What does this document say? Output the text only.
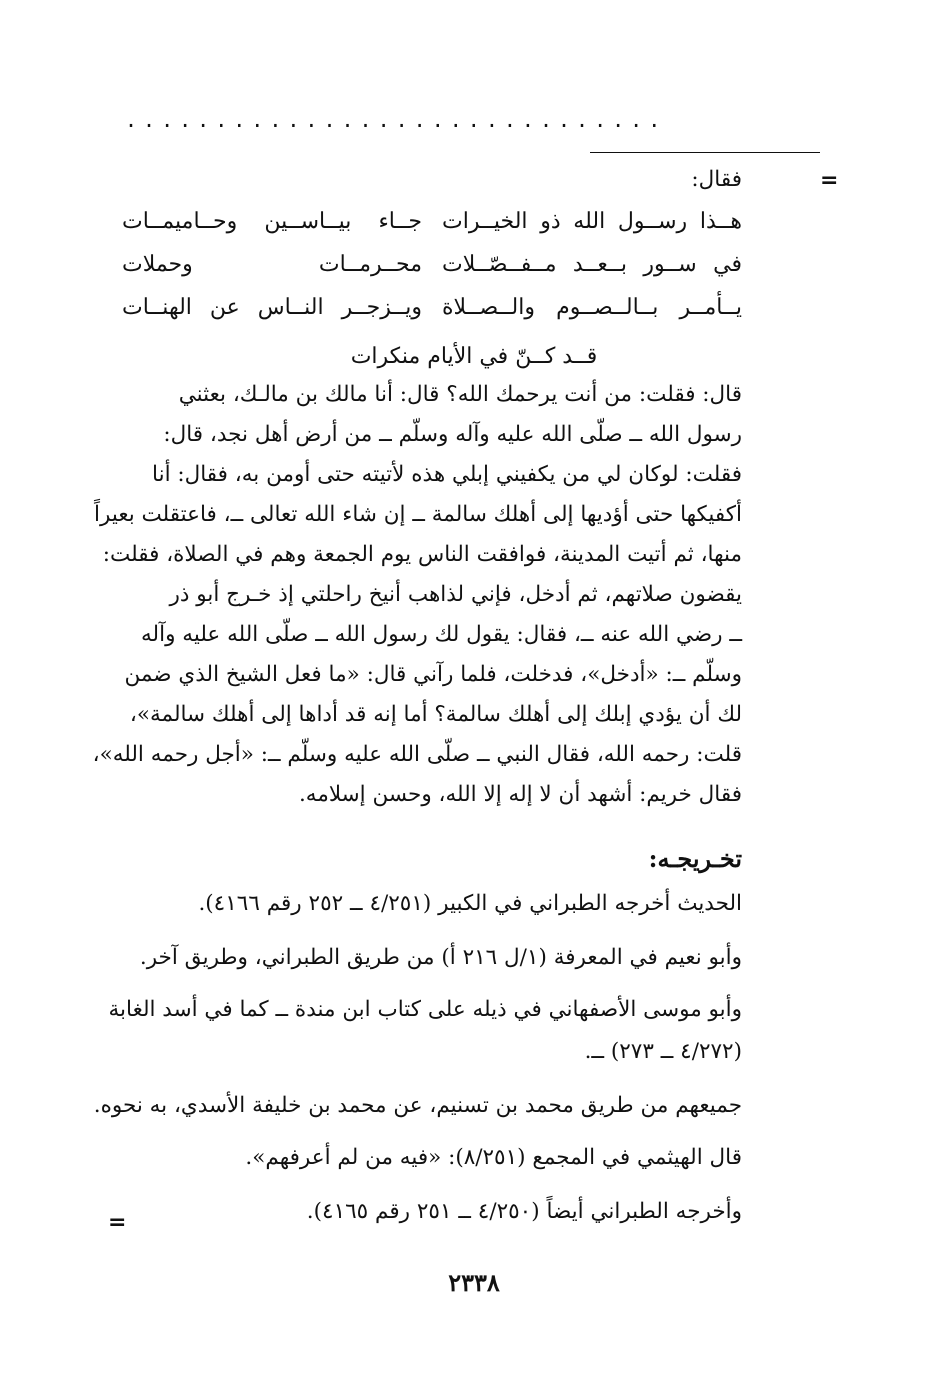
..............................
=
فقال:
هــذا رســول الله ذو الخيــرات
جــاء بيــاســين وحــاميمــات
في ســور بــعــد مــفــصّــلات
محــرمــات وحملات
يــأمــر بــالــصــوم والــصــلاة
ويــزجــر النــاس عن الهنــات
قــد كــنّ في الأيام منكرات
قال: فقلت: من أنت يرحمك الله؟ قال: أنا مالك بن مالـك، بعثني
رسول الله ــ صلّى الله عليه وآله وسلّم ــ من أرض أهل نجد، قال:
فقلت: لوكان لي من يكفيني إبلي هذه لأتيته حتى أومن به، فقال: أنا
أكفيكها حتى أؤديها إلى أهلك سالمة ــ إن شاء الله تعالى ــ، فاعتقلت بعيراً
منها، ثم أتيت المدينة، فوافقت الناس يوم الجمعة وهم في الصلاة، فقلت:
يقضون صلاتهم، ثم أدخل، فإني لذاهب أنيخ راحلتي إذ خـرج أبو ذر
ــ رضي الله عنه ــ، فقال: يقول لك رسول الله ــ صلّى الله عليه وآله
وسلّم ــ: «أدخل»، فدخلت، فلما رآني قال: «ما فعل الشيخ الذي ضمن
لك أن يؤدي إبلك إلى أهلك سالمة؟ أما إنه قد أداها إلى أهلك سالمة»،
قلت: رحمه الله، فقال النبي ــ صلّى الله عليه وسلّم ــ: «أجل رحمه الله»،
فقال خريم: أشهد أن لا إله إلا الله، وحسن إسلامه.
تخـريجـه:
الحديث أخرجه الطبراني في الكبير (٤/٢٥١ ــ ٢٥٢ رقم ٤١٦٦).
وأبو نعيم في المعرفة (١/ل ٢١٦ أ) من طريق الطبراني، وطريق آخر.
وأبو موسى الأصفهاني في ذيله على كتاب ابن مندة ــ كما في أسد الغابة
(٤/٢٧٢ ــ ٢٧٣) ــ.
جميعهم من طريق محمد بن تسنيم، عن محمد بن خليفة الأسدي، به نحوه.
قال الهيثمي في المجمع (٨/٢٥١): «فيه من لم أعرفهم».
وأخرجه الطبراني أيضاً (٤/٢٥٠ ــ ٢٥١ رقم ٤١٦٥).
=
٢٣٣٨
